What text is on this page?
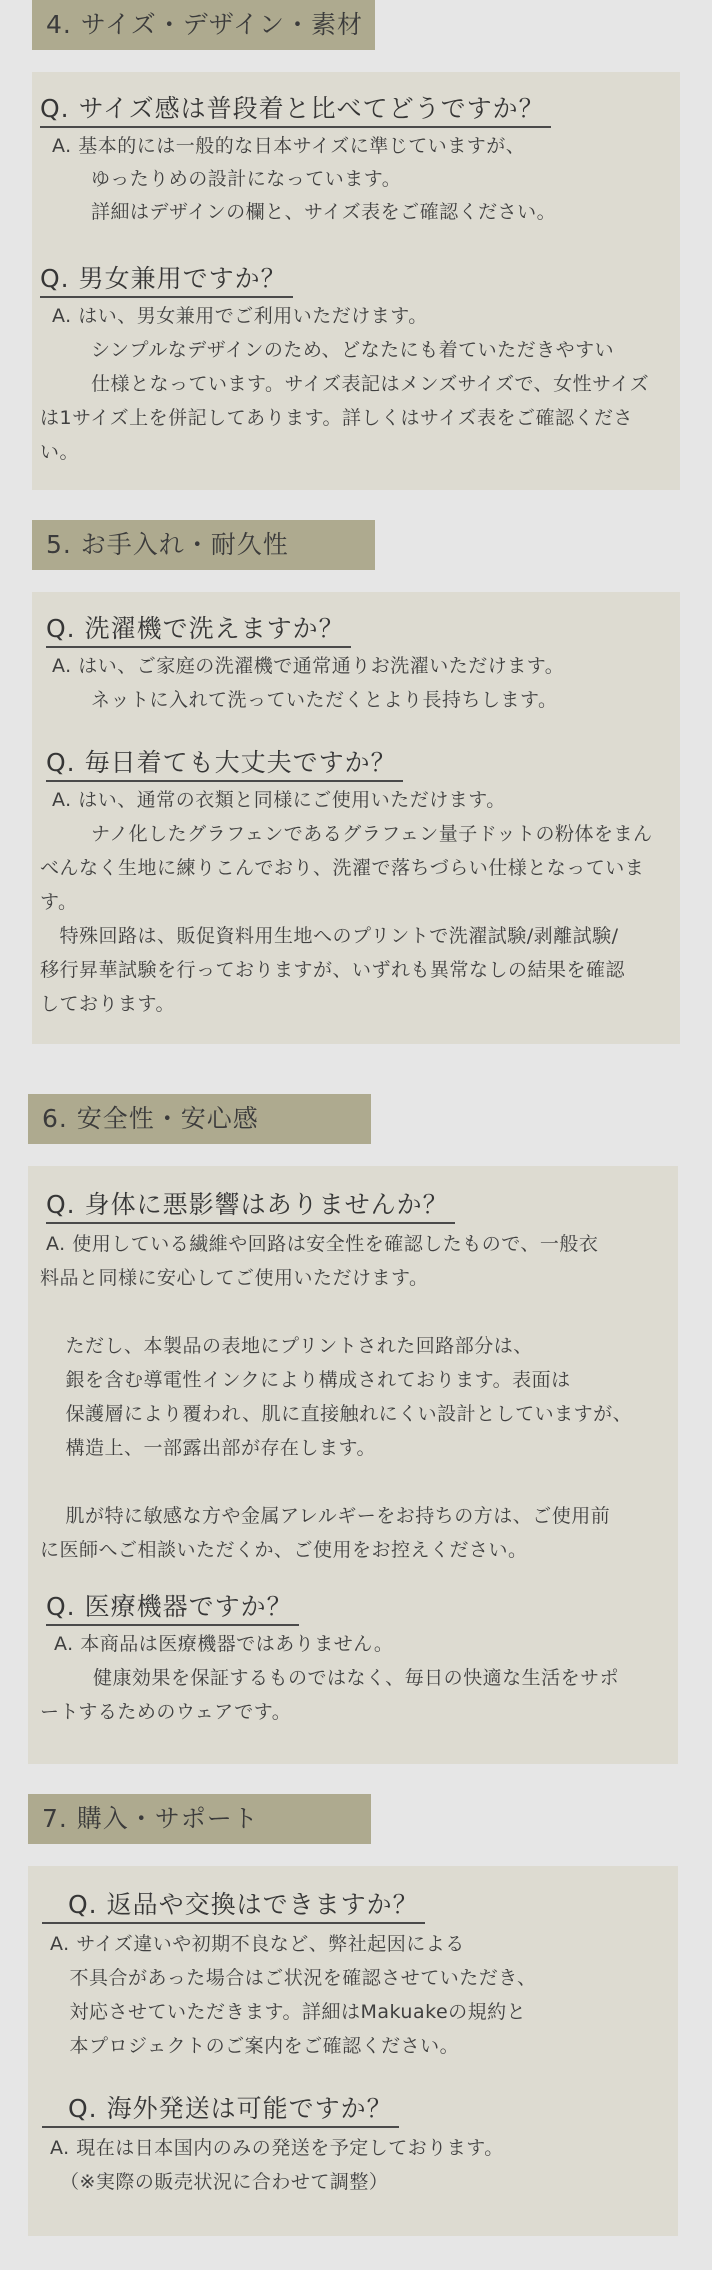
4. サイズ・デザイン・素材
Q. サイズ感は普段着と比べてどうですか？
A. 基本的には一般的な日本サイズに準じていますが、
　　ゆったりめの設計になっています。
　　詳細はデザインの欄と、サイズ表をご確認ください。
Q. 男女兼用ですか？
A. はい、男女兼用でご利用いただけます。
　　シンプルなデザインのため、どなたにも着ていただきやすい
　　仕様となっています。サイズ表記はメンズサイズで、女性サイズ
は1サイズ上を併記してあります。詳しくはサイズ表をご確認くださ
い。
5. お手入れ・耐久性
Q. 洗濯機で洗えますか？
A. はい、ご家庭の洗濯機で通常通りお洗濯いただけます。
　　ネットに入れて洗っていただくとより長持ちします。
Q. 毎日着ても大丈夫ですか？
A. はい、通常の衣類と同様にご使用いただけます。
　　ナノ化したグラフェンであるグラフェン量子ドットの粉体をまん
べんなく生地に練りこんでおり、洗濯で落ちづらい仕様となっていま
す。
　特殊回路は、販促資料用生地へのプリントで洗濯試験/剥離試験/
移行昇華試験を行っておりますが、いずれも異常なしの結果を確認
しております。
6. 安全性・安心感
Q. 身体に悪影響はありませんか？
A. 使用している繊維や回路は安全性を確認したもので、一般衣
料品と同様に安心してご使用いただけます。
　ただし、本製品の表地にプリントされた回路部分は、
　銀を含む導電性インクにより構成されております。表面は
　保護層により覆われ、肌に直接触れにくい設計としていますが、
　構造上、一部露出部が存在します。
　肌が特に敏感な方や金属アレルギーをお持ちの方は、ご使用前
に医師へご相談いただくか、ご使用をお控えください。
Q. 医療機器ですか？
A. 本商品は医療機器ではありません。
　　健康効果を保証するものではなく、毎日の快適な生活をサポ
ートするためのウェアです。
7. 購入・サポート
Q. 返品や交換はできますか？
A. サイズ違いや初期不良など、弊社起因による
　不具合があった場合はご状況を確認させていただき、
　対応させていただきます。詳細はMakuakeの規約と
　本プロジェクトのご案内をご確認ください。
Q. 海外発送は可能ですか？
A. 現在は日本国内のみの発送を予定しております。
　（※実際の販売状況に合わせて調整）
